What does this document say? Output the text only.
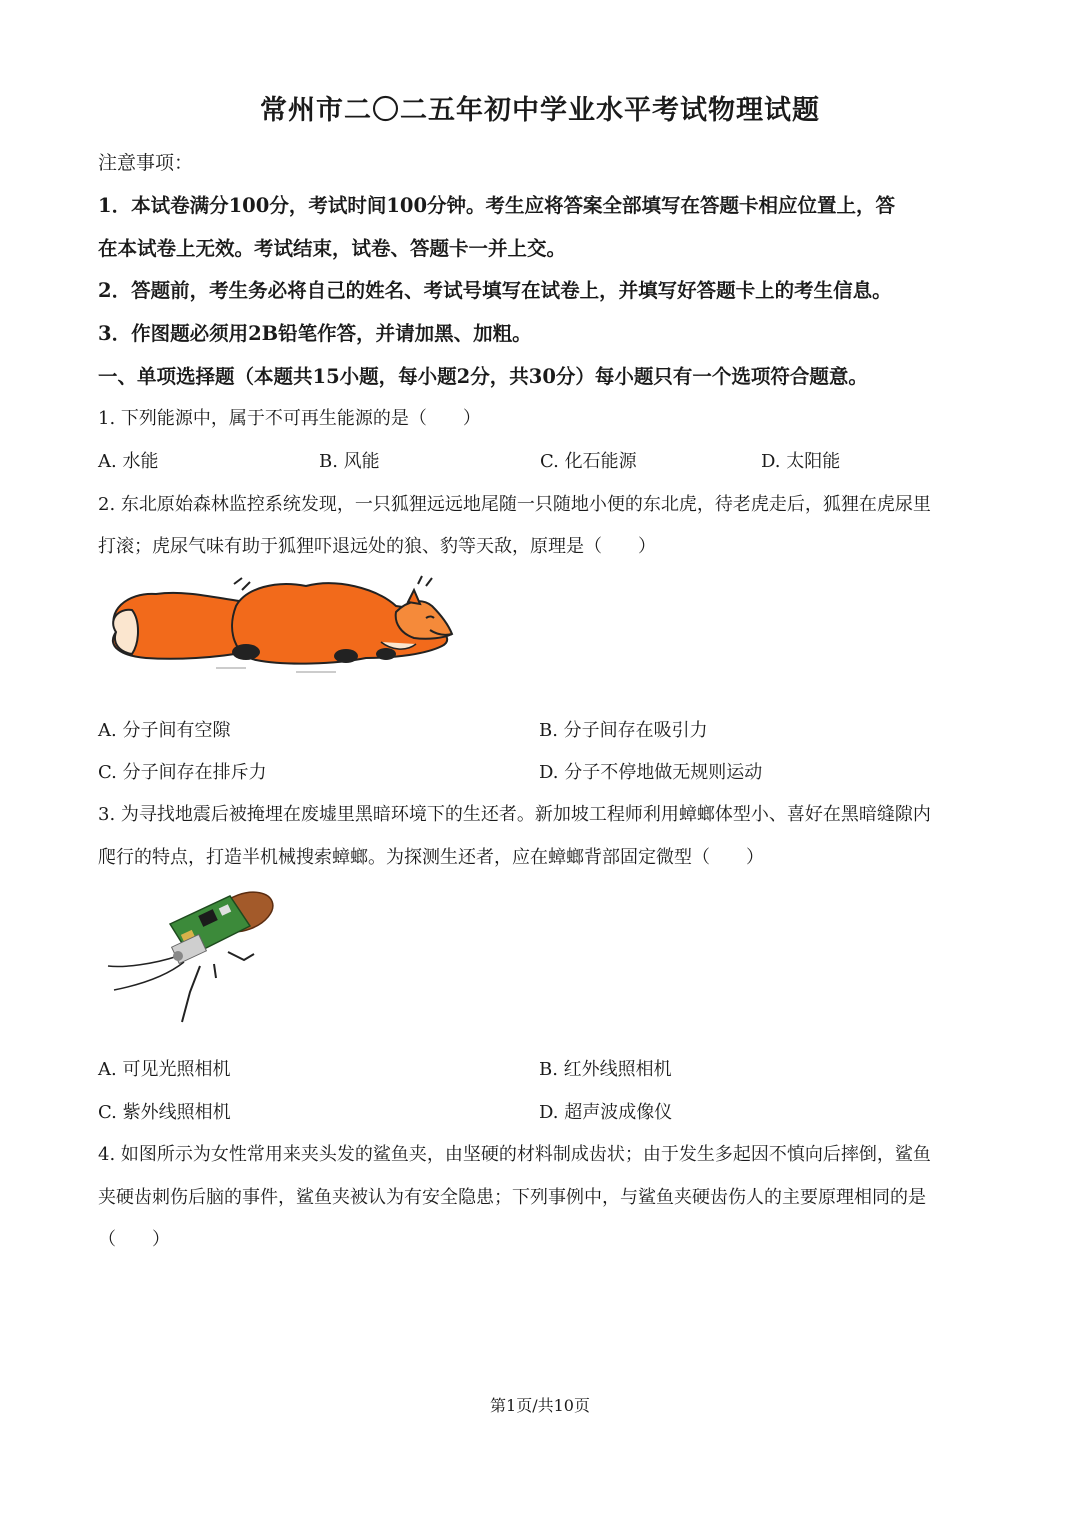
常州市二〇二五年初中学业水平考试物理试题
注意事项：
1．本试卷满分100分，考试时间100分钟。考生应将答案全部填写在答题卡相应位置上，答
在本试卷上无效。考试结束，试卷、答题卡一并上交。
2．答题前，考生务必将自己的姓名、考试号填写在试卷上，并填写好答题卡上的考生信息。
3．作图题必须用2B铅笔作答，并请加黑、加粗。
一、单项选择题（本题共15小题，每小题2分，共30分）每小题只有一个选项符合题意。
1. 下列能源中，属于不可再生能源的是（　　）
A. 水能	B. 风能	C. 化石能源	D. 太阳能
2. 东北原始森林监控系统发现，一只狐狸远远地尾随一只随地小便的东北虎，待老虎走后，狐狸在虎尿里
打滚；虎尿气味有助于狐狸吓退远处的狼、豹等天敌，原理是（　　）
A. 分子间有空隙	B. 分子间存在吸引力
C. 分子间存在排斥力	D. 分子不停地做无规则运动
3. 为寻找地震后被掩埋在废墟里黑暗环境下的生还者。新加坡工程师利用蟑螂体型小、喜好在黑暗缝隙内
爬行的特点，打造半机械搜索蟑螂。为探测生还者，应在蟑螂背部固定微型（　　）
A. 可见光照相机	B. 红外线照相机
C. 紫外线照相机	D. 超声波成像仪
4. 如图所示为女性常用来夹头发的鲨鱼夹，由坚硬的材料制成齿状；由于发生多起因不慎向后摔倒，鲨鱼
夹硬齿刺伤后脑的事件，鲨鱼夹被认为有安全隐患；下列事例中，与鲨鱼夹硬齿伤人的主要原理相同的是
（　　）
第1页/共10页
